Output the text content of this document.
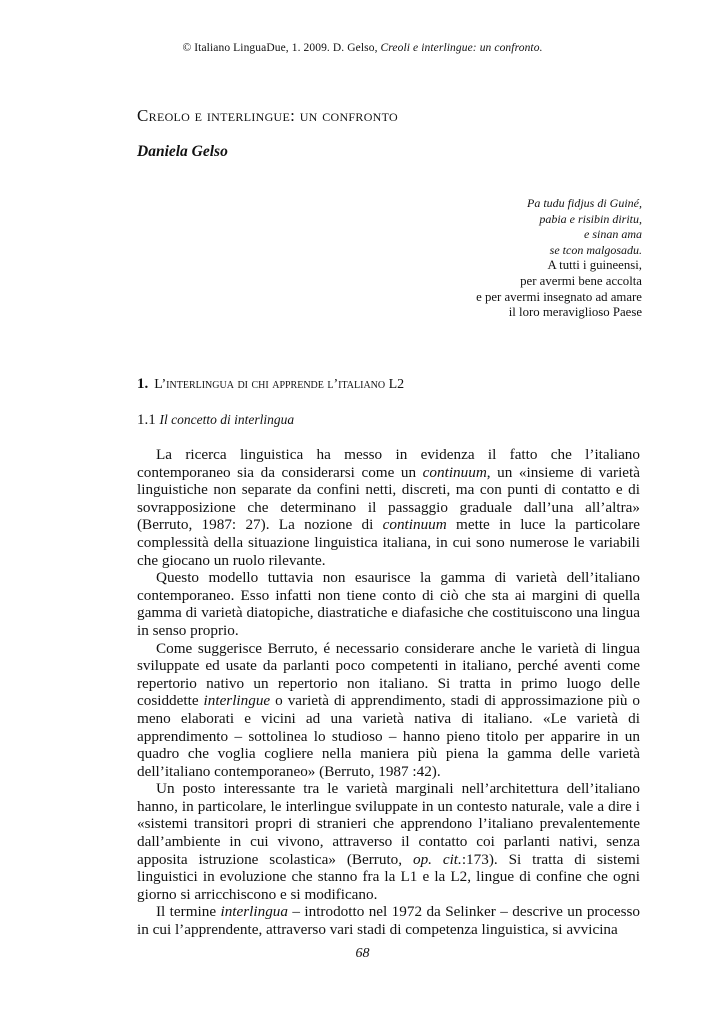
© Italiano LinguaDue, 1. 2009. D. Gelso, Creoli e interlingue: un confronto.
Creolo e interlingue: un confronto
Daniela Gelso
Pa tudu fidjus di Guiné,
pabia e risibin diritu,
e sinan ama
se tcon malgosadu.
A tutti i guineensi,
per avermi bene accolta
e per avermi insegnato ad amare
il loro meraviglioso Paese
1. L’interlingua di chi apprende l’italiano L2
1.1 Il concetto di interlingua

La ricerca linguistica ha messo in evidenza il fatto che l’italiano contemporaneo sia da considerarsi come un continuum, un «insieme di varietà linguistiche non separate da confini netti, discreti, ma con punti di contatto e di sovrapposizione che determinano il passaggio graduale dall’una all’altra» (Berruto, 1987: 27). La nozione di continuum mette in luce la particolare complessità della situazione linguistica italiana, in cui sono numerose le variabili che giocano un ruolo rilevante.

Questo modello tuttavia non esaurisce la gamma di varietà dell’italiano contemporaneo. Esso infatti non tiene conto di ciò che sta ai margini di quella gamma di varietà diatopiche, diastratiche e diafasiche che costituiscono una lingua in senso proprio.

Come suggerisce Berruto, é necessario considerare anche le varietà di lingua sviluppate ed usate da parlanti poco competenti in italiano, perché aventi come repertorio nativo un repertorio non italiano. Si tratta in primo luogo delle cosiddette interlingue o varietà di apprendimento, stadi di approssimazione più o meno elaborati e vicini ad una varietà nativa di italiano. «Le varietà di apprendimento – sottolinea lo studioso – hanno pieno titolo per apparire in un quadro che voglia cogliere nella maniera più piena la gamma delle varietà dell’italiano contemporaneo» (Berruto, 1987 :42).

Un posto interessante tra le varietà marginali nell’architettura dell’italiano hanno, in particolare, le interlingue sviluppate in un contesto naturale, vale a dire i «sistemi transitori propri di stranieri che apprendono l’italiano prevalentemente dall’ambiente in cui vivono, attraverso il contatto coi parlanti nativi, senza apposita istruzione scolastica» (Berruto, op. cit.:173). Si tratta di sistemi linguistici in evoluzione che stanno fra la L1 e la L2, lingue di confine che ogni giorno si arricchiscono e si modificano.

Il termine interlingua – introdotto nel 1972 da Selinker – descrive un processo in cui l’apprendente, attraverso vari stadi di competenza linguistica, si avvicina

68
